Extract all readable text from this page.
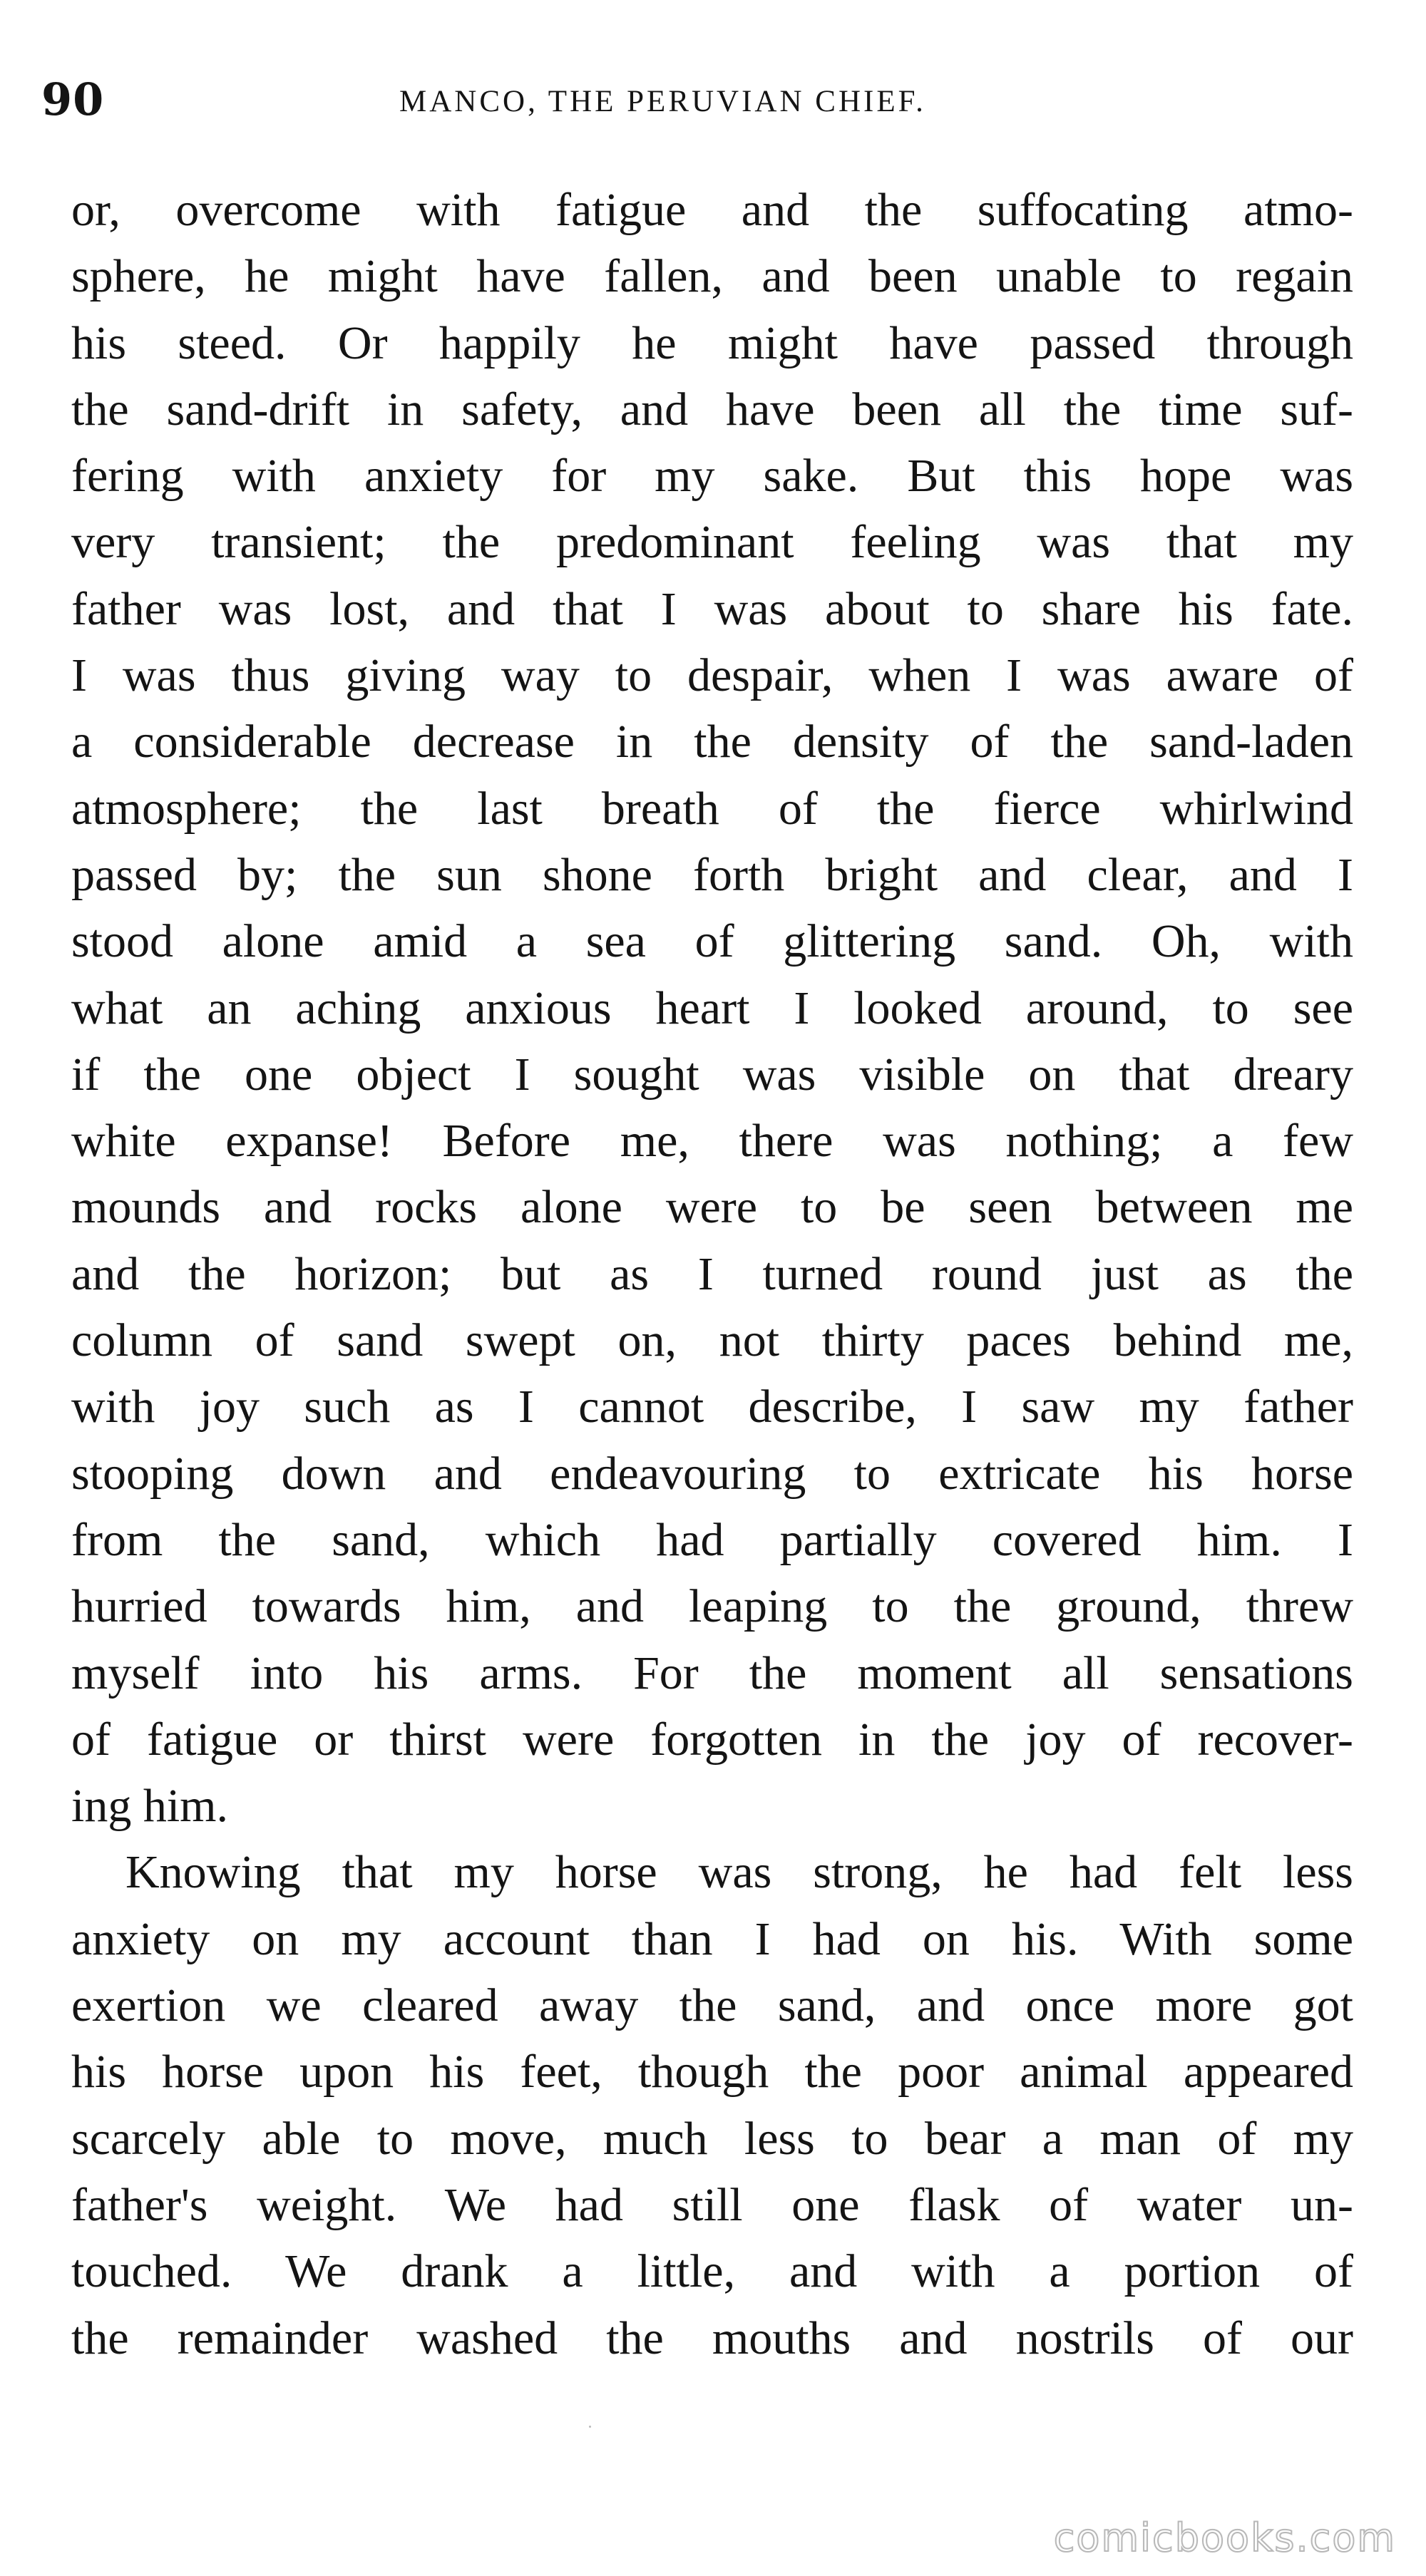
90	MANCO, THE PERUVIAN CHIEF.
or, overcome with fatigue and the suffocating atmo-
sphere, he might have fallen, and been unable to regain
his steed. Or happily he might have passed through
the sand-drift in safety, and have been all the time suf-
fering with anxiety for my sake. But this hope was
very transient; the predominant feeling was that my
father was lost, and that I was about to share his fate.
I was thus giving way to despair, when I was aware of
a considerable decrease in the density of the sand-laden
atmosphere; the last breath of the fierce whirlwind
passed by; the sun shone forth bright and clear, and I
stood alone amid a sea of glittering sand. Oh, with
what an aching anxious heart I looked around, to see
if the one object I sought was visible on that dreary
white expanse! Before me, there was nothing; a few
mounds and rocks alone were to be seen between me
and the horizon; but as I turned round just as the
column of sand swept on, not thirty paces behind me,
with joy such as I cannot describe, I saw my father
stooping down and endeavouring to extricate his horse
from the sand, which had partially covered him. I
hurried towards him, and leaping to the ground, threw
myself into his arms. For the moment all sensations
of fatigue or thirst were forgotten in the joy of recover-
ing him.
Knowing that my horse was strong, he had felt less
anxiety on my account than I had on his. With some
exertion we cleared away the sand, and once more got
his horse upon his feet, though the poor animal appeared
scarcely able to move, much less to bear a man of my
father's weight. We had still one flask of water un-
touched. We drank a little, and with a portion of
the remainder washed the mouths and nostrils of our
comicbooks.com
